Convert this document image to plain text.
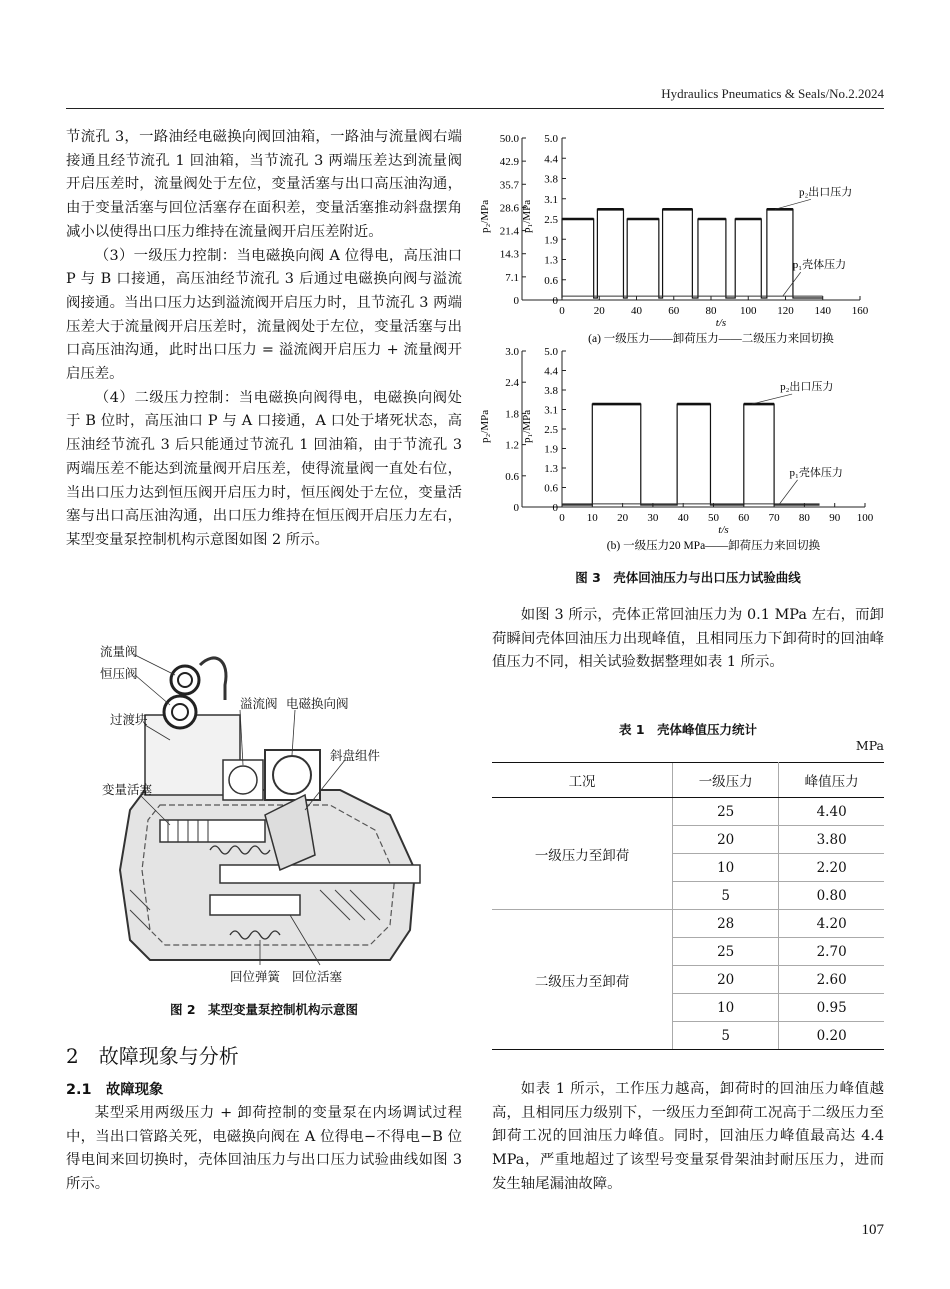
Hydraulics Pneumatics & Seals/No.2.2024

节流孔 3，一路油经电磁换向阀回油箱，一路油与流量阀右端接通且经节流孔 1 回油箱，当节流孔 3 两端压差达到流量阀开启压差时，流量阀处于左位，变量活塞与出口高压油沟通，由于变量活塞与回位活塞存在面积差，变量活塞推动斜盘摆角减小以使得出口压力维持在流量阀开启压差附近。

（3）一级压力控制：当电磁换向阀 A 位得电，高压油口 P 与 B 口接通，高压油经节流孔 3 后通过电磁换向阀与溢流阀接通。当出口压力达到溢流阀开启压力时，且节流孔 3 两端压差大于流量阀开启压差时，流量阀处于左位，变量活塞与出口高压油沟通，此时出口压力 = 溢流阀开启压力 + 流量阀开启压差。

（4）二级压力控制：当电磁换向阀得电，电磁换向阀处于 B 位时，高压油口 P 与 A 口接通，A 口处于堵死状态，高压油经节流孔 3 后只能通过节流孔 1 回油箱，由于节流孔 3 两端压差不能达到流量阀开启压差，使得流量阀一直处右位，当出口压力达到恒压阀开启压力时，恒压阀处于左位，变量活塞与出口高压油沟通，出口压力维持在恒压阀开启压力左右，某型变量泵控制机构示意图如图 2 所示。

流量阀
恒压阀
过渡块
溢流阀 电磁换向阀
变量活塞
斜盘组件
回位弹簧 回位活塞
图 2　某型变量泵控制机构示意图
2　故障现象与分析
2.1　故障现象

某型采用两级压力 + 卸荷控制的变量泵在内场调试过程中，当出口管路关死，电磁换向阀在 A 位得电−不得电−B 位得电间来回切换时，壳体回油压力与出口压力试验曲线如图 3 所示。

50.0
42.9
35.7
28.6
21.4
14.3
7.1
0
5.0
4.4
3.8
3.1
2.5
1.9
1.3
0.6
0
0	20 40 60 80 100 120 140 160
t/s
p₂/MPa	p₁/MPa
p₂出口压力
p₁壳体压力
(a) 一级压力——卸荷压力——二级压力来回切换
3.0
2.4
1.8
1.2
0.6
0
5.0
4.4
3.8
3.1
2.5
1.9
1.3
0.6
0
0 10 20 30 40 50 60 70 80 90 100
t/s
p₂/MPa	p₁/MPa
p₂出口压力
p₁壳体压力
(b) 一级压力20 MPa——卸荷压力来回切换
图 3　壳体回油压力与出口压力试验曲线

如图 3 所示，壳体正常回油压力为 0.1 MPa 左右，而卸荷瞬间壳体回油压力出现峰值，且相同压力下卸荷时的回油峰值压力不同，相关试验数据整理如表 1 所示。

表 1　壳体峰值压力统计
MPa
工况	一级压力	峰值压力
一级压力至卸荷	25	4.40
	20	3.80
	10	2.20
	5	0.80
二级压力至卸荷	28	4.20
	25	2.70
	20	2.60
	10	0.95
	5	0.20

如表 1 所示，工作压力越高，卸荷时的回油压力峰值越高，且相同压力级别下，一级压力至卸荷工况高于二级压力至卸荷工况的回油压力峰值。同时，回油压力峰值最高达 4.4 MPa，严重地超过了该型号变量泵骨架油封耐压压力，进而发生轴尾漏油故障。

107
